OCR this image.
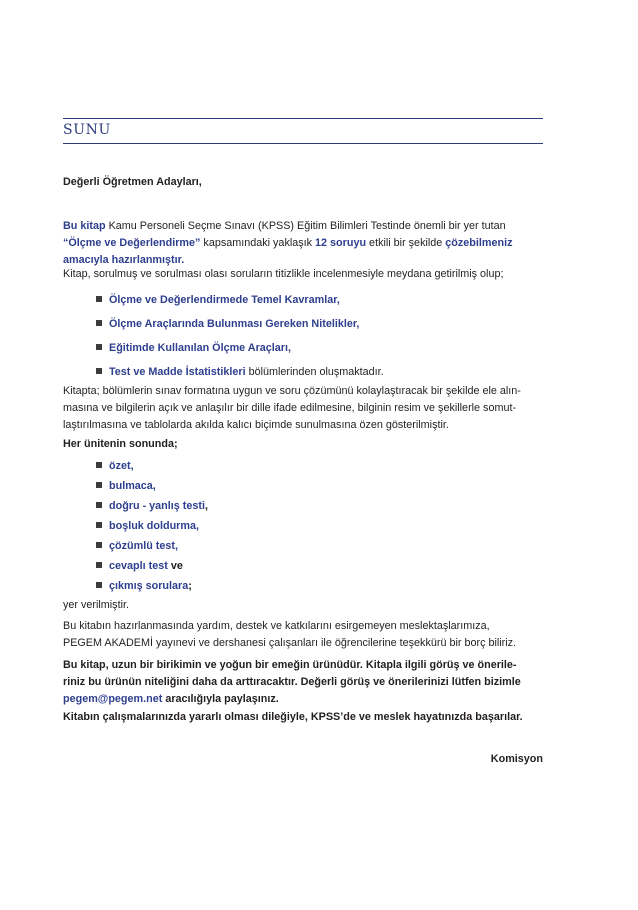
SUNU
Değerli Öğretmen Adayları,
Bu kitap Kamu Personeli Seçme Sınavı (KPSS) Eğitim Bilimleri Testinde önemli bir yer tutan
“Ölçme ve Değerlendirme” kapsamındaki yaklaşık 12 soruyu etkili bir şekilde çözebilmeniz
amacıyla hazırlanmıştır.
Kitap, sorulmuş ve sorulması olası soruların titizlikle incelenmesiyle meydana getirilmiş olup;
Ölçme ve Değerlendirmede Temel Kavramlar,
Ölçme Araçlarında Bulunması Gereken Nitelikler,
Eğitimde Kullanılan Ölçme Araçları,
Test ve Madde İstatistikleri bölümlerinden oluşmaktadır.
Kitapta; bölümlerin sınav formatına uygun ve soru çözümünü kolaylaştıracak bir şekilde ele alın-
masına ve bilgilerin açık ve anlaşılır bir dille ifade edilmesine, bilginin resim ve şekillerle somut-
laştırılmasına ve tablolarda akılda kalıcı biçimde sunulmasına özen gösterilmiştir.
Her ünitenin sonunda;
özet,
bulmaca,
doğru - yanlış testi,
boşluk doldurma,
çözümlü test,
cevaplı test ve
çıkmış sorulara;
yer verilmiştir.
Bu kitabın hazırlanmasında yardım, destek ve katkılarını esirgemeyen meslektaşlarımıza,
PEGEM AKADEMİ yayınevi ve dershanesi çalışanları ile öğrencilerine teşekkürü bir borç biliriz.
Bu kitap, uzun bir birikimin ve yoğun bir emeğin ürünüdür. Kitapla ilgili görüş ve önerile-
riniz bu ürünün niteliğini daha da arttıracaktır. Değerli görüş ve önerilerinizi lütfen bizimle
pegem@pegem.net aracılığıyla paylaşınız.
Kitabın çalışmalarınızda yararlı olması dileğiyle, KPSS’de ve meslek hayatınızda başarılar.
Komisyon
